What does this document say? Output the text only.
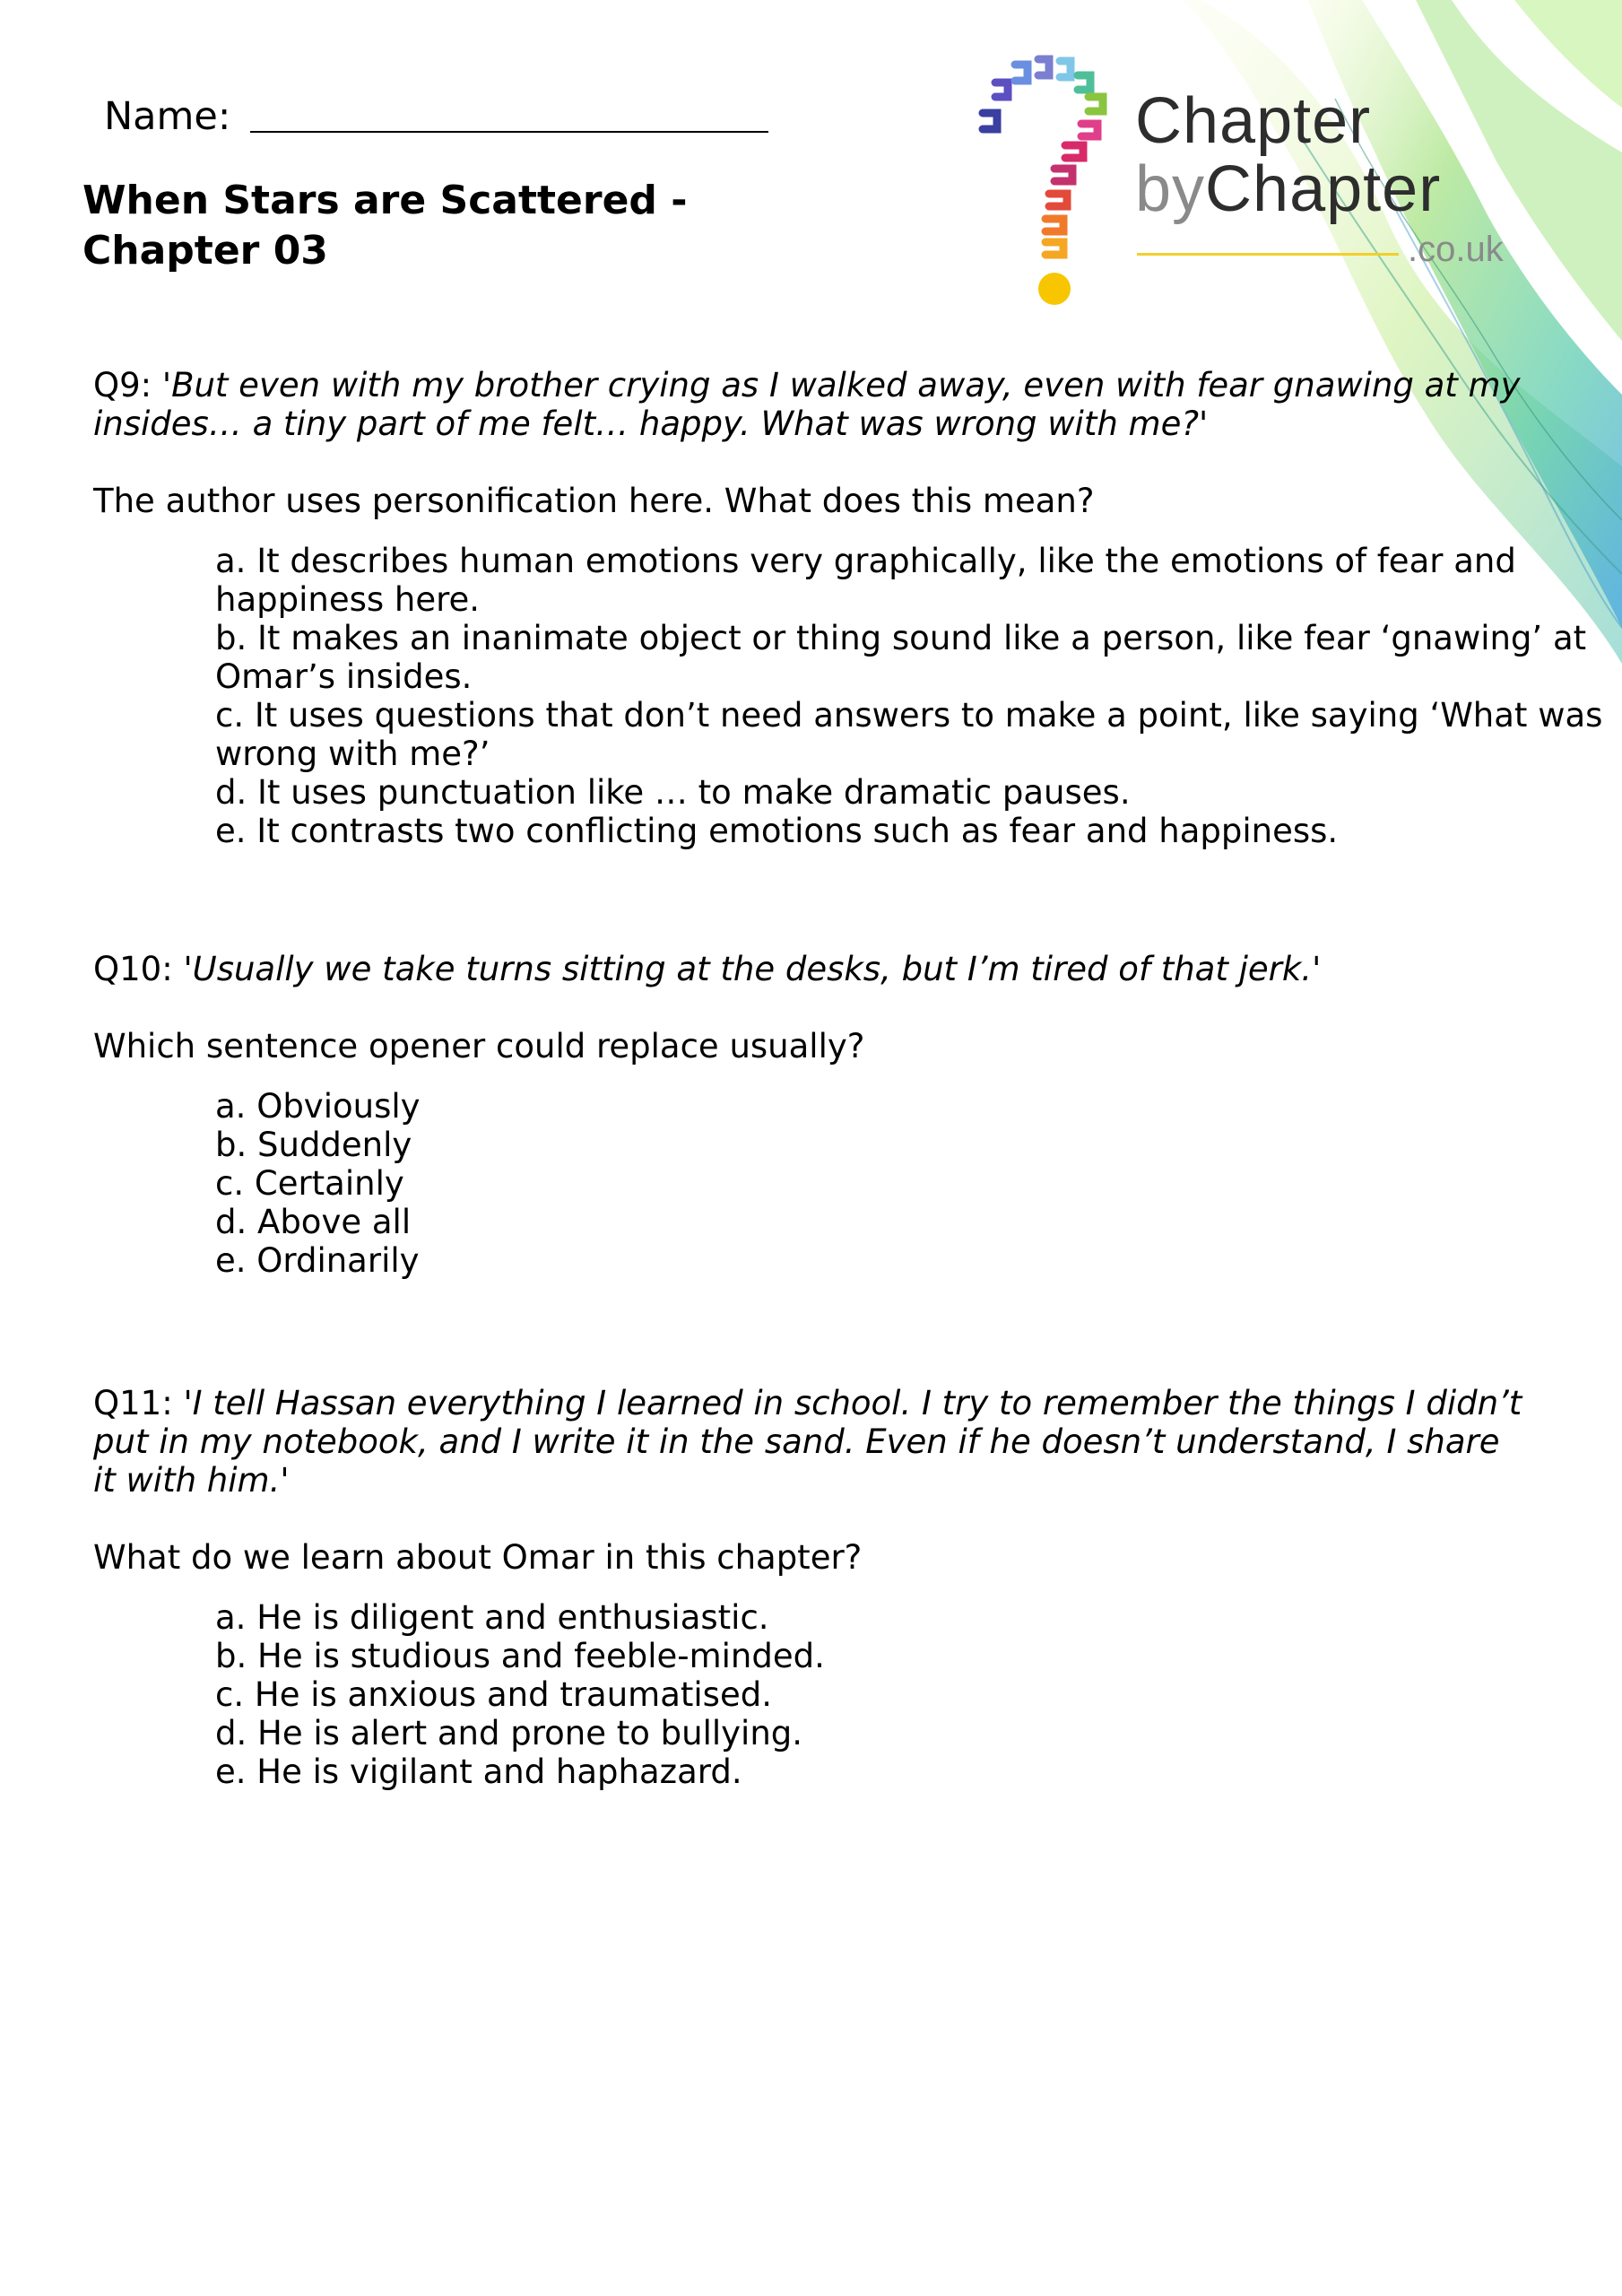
Name:
When Stars are Scattered - Chapter 03
Chapter
byChapter
.co.uk

Q9: 'But even with my brother crying as I walked away, even with fear gnawing at my insides… a tiny part of me felt… happy. What was wrong with me?'

The author uses personification here. What does this mean?
a. It describes human emotions very graphically, like the emotions of fear and happiness here.
b. It makes an inanimate object or thing sound like a person, like fear ‘gnawing’ at Omar’s insides.
c. It uses questions that don’t need answers to make a point, like saying ‘What was wrong with me?’
d. It uses punctuation like … to make dramatic pauses.
e. It contrasts two conflicting emotions such as fear and happiness.

Q10: 'Usually we take turns sitting at the desks, but I’m tired of that jerk.'

Which sentence opener could replace usually?
a. Obviously
b. Suddenly
c. Certainly
d. Above all
e. Ordinarily

Q11: 'I tell Hassan everything I learned in school. I try to remember the things I didn’t put in my notebook, and I write it in the sand. Even if he doesn’t understand, I share it with him.'

What do we learn about Omar in this chapter?
a. He is diligent and enthusiastic.
b. He is studious and feeble-minded.
c. He is anxious and traumatised.
d. He is alert and prone to bullying.
e. He is vigilant and haphazard.
